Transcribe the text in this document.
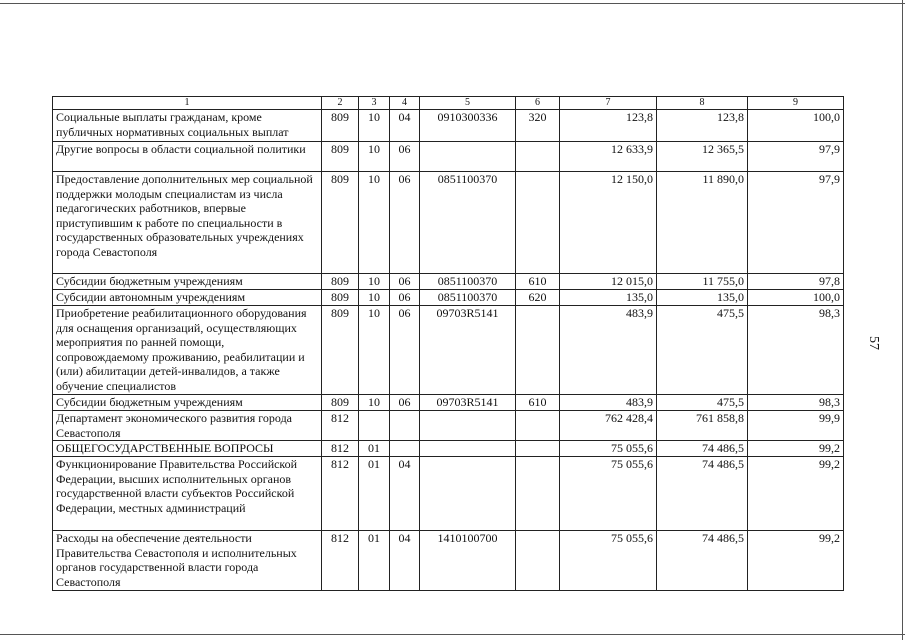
57
1	2	3	4	5	6	7	8	9
Социальные выплаты гражданам, кроме публичных нормативных социальных выплат	809	10	04	0910300336	320	123,8	123,8	100,0
Другие вопросы в области социальной политики	809	10	06			12 633,9	12 365,5	97,9
Предоставление дополнительных мер социальной поддержки молодым специалистам из числа педагогических работников, впервые приступившим к работе по специальности в государственных образовательных учреждениях города Севастополя	809	10	06	0851100370		12 150,0	11 890,0	97,9
Субсидии бюджетным учреждениям	809	10	06	0851100370	610	12 015,0	11 755,0	97,8
Субсидии автономным учреждениям	809	10	06	0851100370	620	135,0	135,0	100,0
Приобретение реабилитационного оборудования для оснащения организаций, осуществляющих мероприятия по ранней помощи, сопровождаемому проживанию, реабилитации и (или) абилитации детей-инвалидов, а также обучение специалистов	809	10	06	09703R5141		483,9	475,5	98,3
Субсидии бюджетным учреждениям	809	10	06	09703R5141	610	483,9	475,5	98,3
Департамент экономического развития города Севастополя	812					762 428,4	761 858,8	99,9
ОБЩЕГОСУДАРСТВЕННЫЕ ВОПРОСЫ	812	01				75 055,6	74 486,5	99,2
Функционирование Правительства Российской Федерации, высших исполнительных органов государственной власти субъектов Российской Федерации, местных администраций	812	01	04			75 055,6	74 486,5	99,2
Расходы на обеспечение деятельности Правительства Севастополя и исполнительных органов государственной власти города Севастополя	812	01	04	1410100700		75 055,6	74 486,5	99,2
